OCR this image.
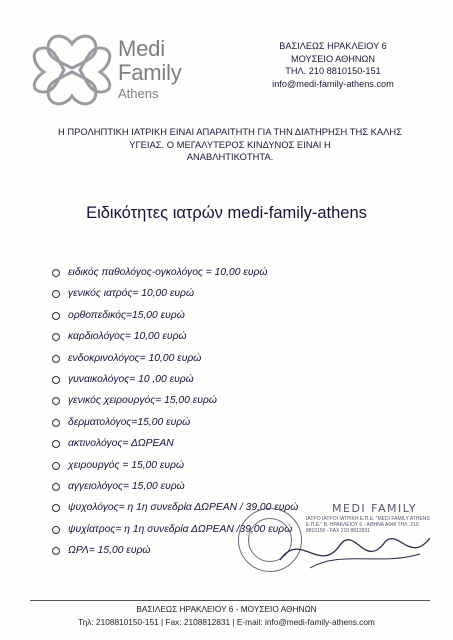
Medi
Family
Athens
ΒΑΣΙΛΕΩΣ ΗΡΑΚΛΕΙΟΥ 6
ΜΟΥΣΕΙΟ ΑΘΗΝΩΝ
ΤΗΛ. 210 8810150-151
info@medi-family-athens.com
Η ΠΡΟΛΗΠΤΙΚΗ ΙΑΤΡΙΚΗ ΕΙΝΑΙ ΑΠΑΡΑΙΤΗΤΗ ΓΙΑ ΤΗΝ ΔΙΑΤΗΡΗΣΗ ΤΗΣ ΚΑΛΗΣ
ΥΓΕΙΑΣ. Ο ΜΕΓΑΛΥΤΕΡΟΣ ΚΙΝΔΥΝΟΣ ΕΙΝΑΙ Η
ΑΝΑΒΛΗΤΙΚΟΤΗΤΑ.
Ειδικότητες ιατρών medi-family-athens
ειδικός παθολόγος-ογκολόγος = 10,00 ευρώ
γενικός ιατρός= 10,00 ευρώ
ορθοπεδικός=15,00 ευρώ
καρδιολόγος= 10,00 ευρώ
ενδοκρινολόγος= 10,00 ευρώ
γυναικολόγος= 10 ,00 ευρώ
γενικός χειρουργός= 15,00 ευρώ
δερματολόγος=15,00 ευρώ
ακτινολόγος= ΔΩΡΕΑΝ
χειρουργός = 15,00 ευρώ
αγγειολόγος= 15,00 ευρώ
ψυχολόγος= η 1η συνεδρία ΔΩΡΕΑΝ / 39,00 ευρώ
ψυχίατρος= η 1η συνεδρία ΔΩΡΕΑΝ /39,00 ευρώ
ΩΡΛ= 15,00 ευρώ
MEDI FAMILY
ΙΑΤΡΟ ΙΑΤΡΟΙ ΙΑΤΡΙΚΗ Ε.Π.Ε. "MEDI FAMILY ATHENS Ε.Π.Ε." Β. ΗΡΑΚΛΕΙΟΥ 6 - ΑΘΗΝΑ ΑΦΜ ΤΗΛ. 210 8810150 - FAX 210 8812831
ΒΑΣΙΛΕΩΣ ΗΡΑΚΛΕΙΟΥ 6 - ΜΟΥΣΕΙΟ ΑΘΗΝΩΝ
Τηλ: 2108810150-151 | Fax: 2108812831 | E-mail: info@medi-family-athens.com
